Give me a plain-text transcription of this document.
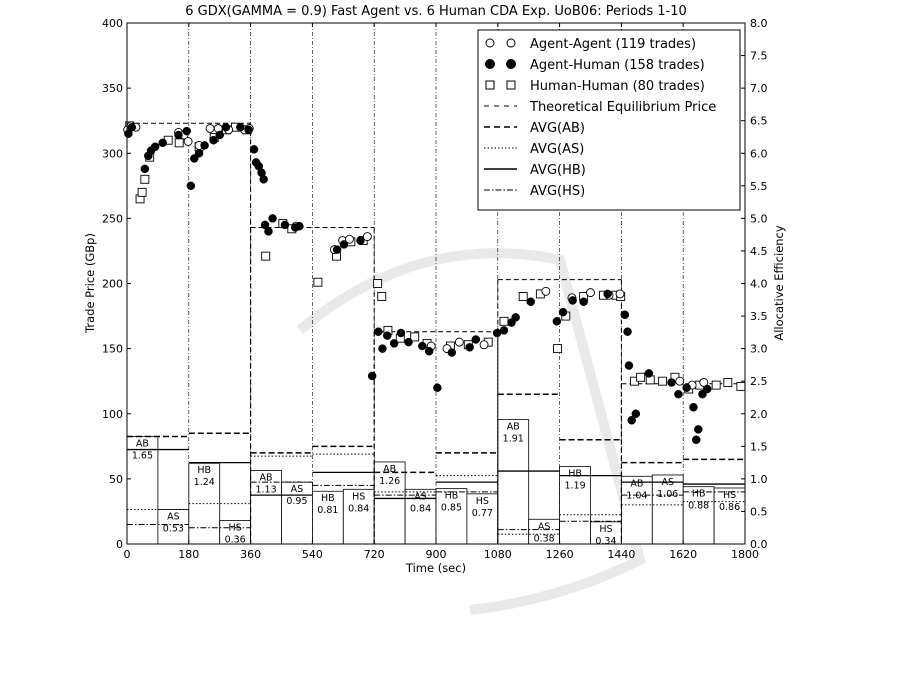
AB
1.65
AS
0.53
HB
1.24
HS
0.36
AB
1.13 AS
0.95 HB
0.81
HS
0.84
AB
1.26
AS
0.84
HB
0.85
HS
0.77
AB
1.91
AS
0.38
HB
1.19
HS
0.34
AB
1.04
AS
1.06 HB
0.88
HS
0.86
0	180	360	540	720	900	1080	1260	1440	1620	1800
0
50
100
150
200
250
300
350
400
0.0
0.5
1.0
1.5
2.0
2.5
3.0
3.5
4.0
4.5
5.0
5.5
6.0
6.5
7.0
7.5
8.0
6 GDX(GAMMA = 0.9) Fast Agent vs. 6 Human CDA Exp. UoB06: Periods 1-10
Time (sec)
Trade Price (GBp)	Allocative Efficiency
Agent-Agent (119 trades)
Agent-Human (158 trades)
Human-Human (80 trades)
Theoretical Equilibrium Price
AVG(AB)
AVG(AS)
AVG(HB)
AVG(HS)
